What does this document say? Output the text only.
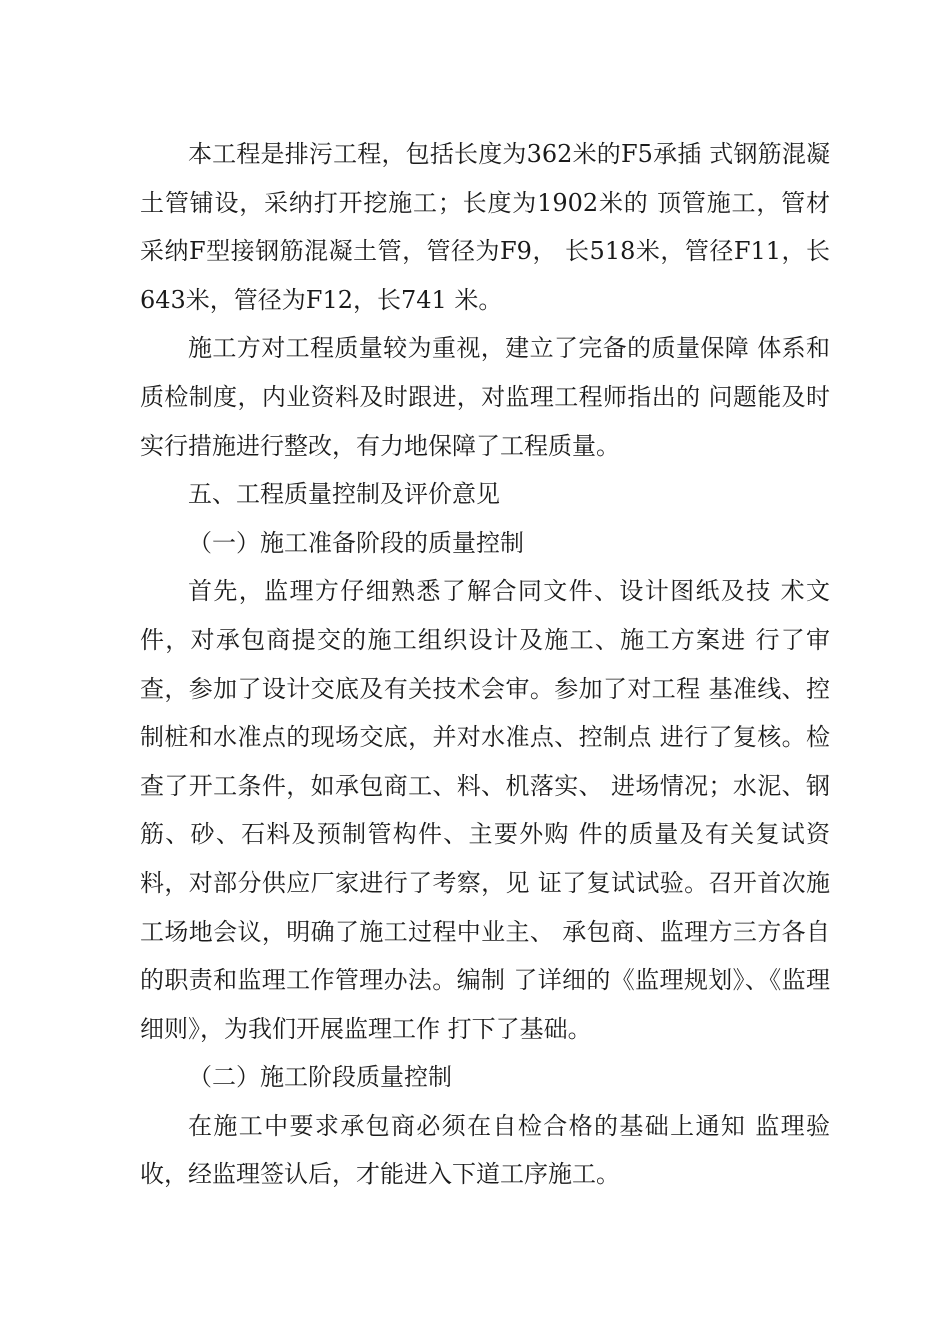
本工程是排污工程，包括长度为362米的F5承插 式钢筋混凝土管铺设，采纳打开挖施工；长度为1902米的 顶管施工，管材采纳F型接钢筋混凝土管，管径为F9， 长518米，管径F11，长643米，管径为F12，长741 米。

施工方对工程质量较为重视，建立了完备的质量保障 体系和质检制度，内业资料及时跟进，对监理工程师指出的 问题能及时实行措施进行整改，有力地保障了工程质量。

五、工程质量控制及评价意见

（一）施工准备阶段的质量控制

首先，监理方仔细熟悉了解合同文件、设计图纸及技 术文件，对承包商提交的施工组织设计及施工、施工方案进 行了审查，参加了设计交底及有关技术会审。参加了对工程 基准线、控制桩和水准点的现场交底，并对水准点、控制点 进行了复核。检查了开工条件，如承包商工、料、机落实、 进场情况；水泥、钢筋、砂、石料及预制管构件、主要外购 件的质量及有关复试资料，对部分供应厂家进行了考察，见 证了复试试验。召开首次施工场地会议，明确了施工过程中业主、 承包商、监理方三方各自的职责和监理工作管理办法。编制 了详细的《监理规划》、《监理细则》，为我们开展监理工作 打下了基础。

（二）施工阶段质量控制

在施工中要求承包商必须在自检合格的基础上通知 监理验收，经监理签认后，才能进入下道工序施工。
